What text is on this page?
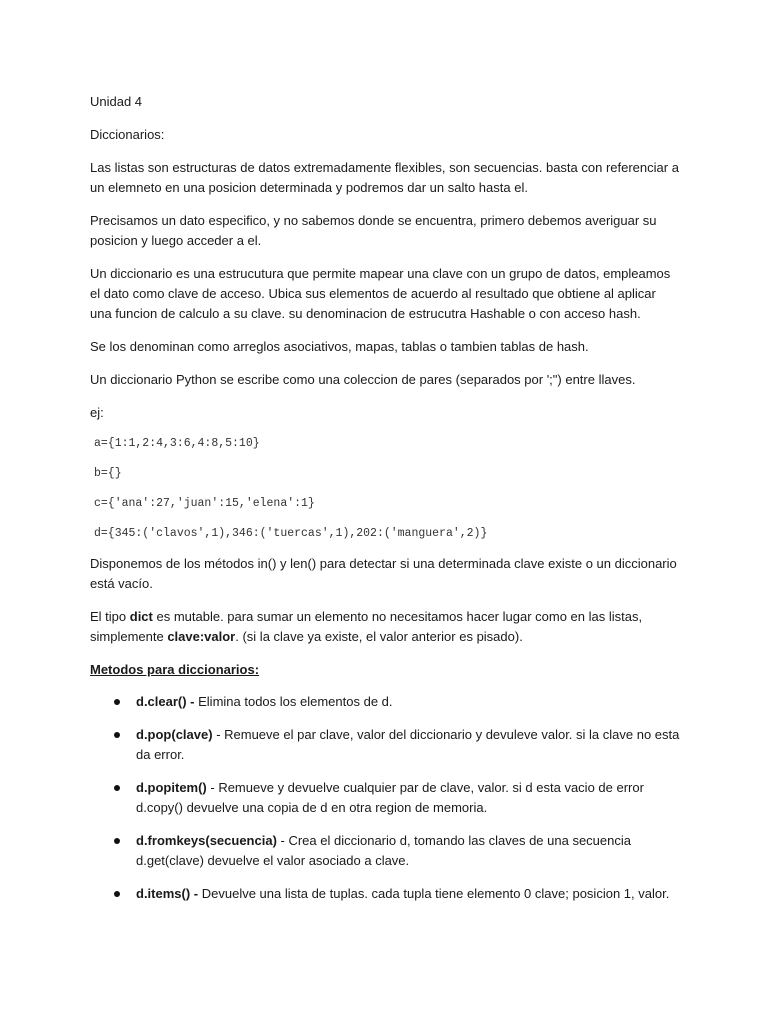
Unidad 4

Diccionarios:

Las listas son estructuras de datos extremadamente flexibles, son secuencias. basta con referenciar a un elemneto en una posicion determinada y podremos dar un salto hasta el.

Precisamos un dato especifico, y no sabemos donde se encuentra, primero debemos averiguar su posicion y luego acceder a el.

Un diccionario es una estrucutura que permite mapear una clave con un grupo de datos, empleamos el dato como clave de acceso. Ubica sus elementos de acuerdo al resultado que obtiene al aplicar una funcion de calculo a su clave. su denominacion de estrucutra Hashable o con acceso hash.

Se los denominan como arreglos asociativos, mapas, tablas o tambien tablas de hash.

Un diccionario Python se escribe como una coleccion de pares (separados por ';") entre llaves.

ej:

a={1:1,2:4,3:6,4:8,5:10}
b={}
c={'ana':27,'juan':15,'elena':1}
d={345:('clavos',1),346:('tuercas',1),202:('manguera',2)}

Disponemos de los métodos in() y len() para detectar si una determinada clave existe o un diccionario está vacío.

El tipo dict es mutable. para sumar un elemento no necesitamos hacer lugar como en las listas, simplemente clave:valor. (si la clave ya existe, el valor anterior es pisado).

Metodos para diccionarios:

d.clear() - Elimina todos los elementos de d.
d.pop(clave) - Remueve el par clave, valor del diccionario y devuleve valor. si la clave no esta da error.
d.popitem() - Remueve y devuelve cualquier par de clave, valor. si d esta vacio de error d.copy() devuelve una copia de d en otra region de memoria.
d.fromkeys(secuencia) - Crea el diccionario d, tomando las claves de una secuencia d.get(clave) devuelve el valor asociado a clave.
d.items() - Devuelve una lista de tuplas. cada tupla tiene elemento 0 clave; posicion 1, valor.
